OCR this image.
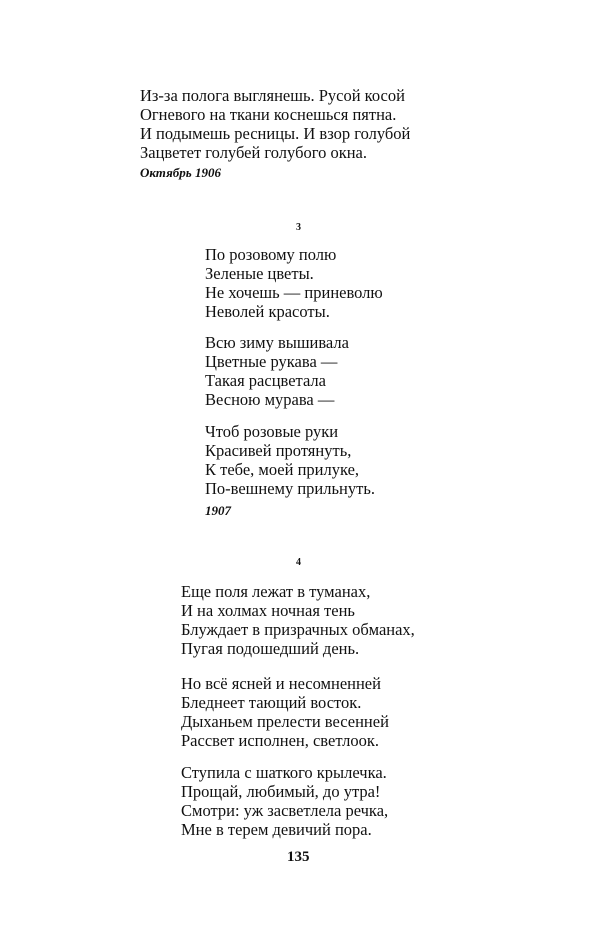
Из-за полога выглянешь. Русой косой
Огневого на ткани коснешься пятна.
И подымешь ресницы. И взор голубой
Зацветет голубей голубого окна.
Октябрь 1906
3
По розовому полю
Зеленые цветы.
Не хочешь — приневолю
Неволей красоты.
Всю зиму вышивала
Цветные рукава —
Такая расцветала
Весною мурава —
Чтоб розовые руки
Красивей протянуть,
К тебе, моей прилуке,
По-вешнему прильнуть.
1907
4
Еще поля лежат в туманах,
И на холмах ночная тень
Блуждает в призрачных обманах,
Пугая подошедший день.
Но всё ясней и несомненней
Бледнеет тающий восток.
Дыханьем прелести весенней
Рассвет исполнен, светлоок.
Ступила с шаткого крылечка.
Прощай, любимый, до утра!
Смотри: уж засветлела речка,
Мне в терем девичий пора.
135
